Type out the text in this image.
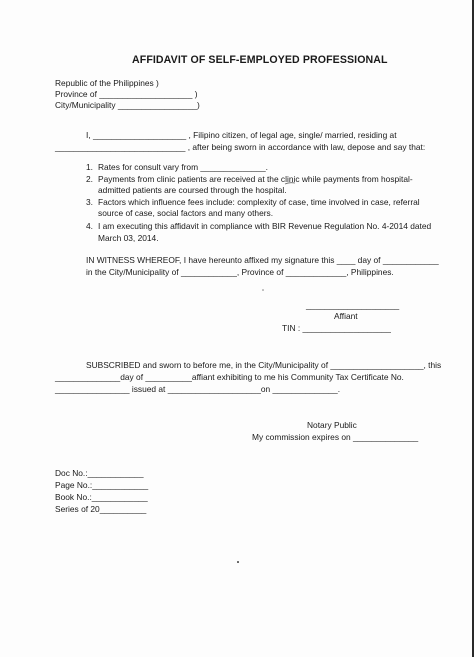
AFFIDAVIT OF SELF-EMPLOYED PROFESSIONAL
Republic of the Philippines )
Province of ____________________ )
City/Municipality _________________)
I, ____________________ , Filipino citizen, of legal age, single/ married, residing at
____________________________ , after being sworn in accordance with law, depose and say that:
1. Rates for consult vary from ______________.
2. Payments from clinic patients are received at the clinic while payments from hospital-
admitted patients are coursed through the hospital.
3. Factors which influence fees include: complexity of case, time involved in case, referral
source of case, social factors and many others.
4. I am executing this affidavit in compliance with BIR Revenue Regulation No. 4-2014 dated
March 03, 2014.
IN WITNESS WHEREOF, I have hereunto affixed my signature this ____ day of ____________
in the City/Municipality of ____________, Province of _____________, Philippines.
____________________
Affiant
TIN : ___________________
SUBSCRIBED and sworn to before me, in the City/Municipality of ____________________, this
______________day of __________affiant exhibiting to me his Community Tax Certificate No.
________________ issued at ____________________on ______________.
Notary Public
My commission expires on ______________
Doc No.:____________
Page No.:____________
Book No.:____________
Series of 20__________
